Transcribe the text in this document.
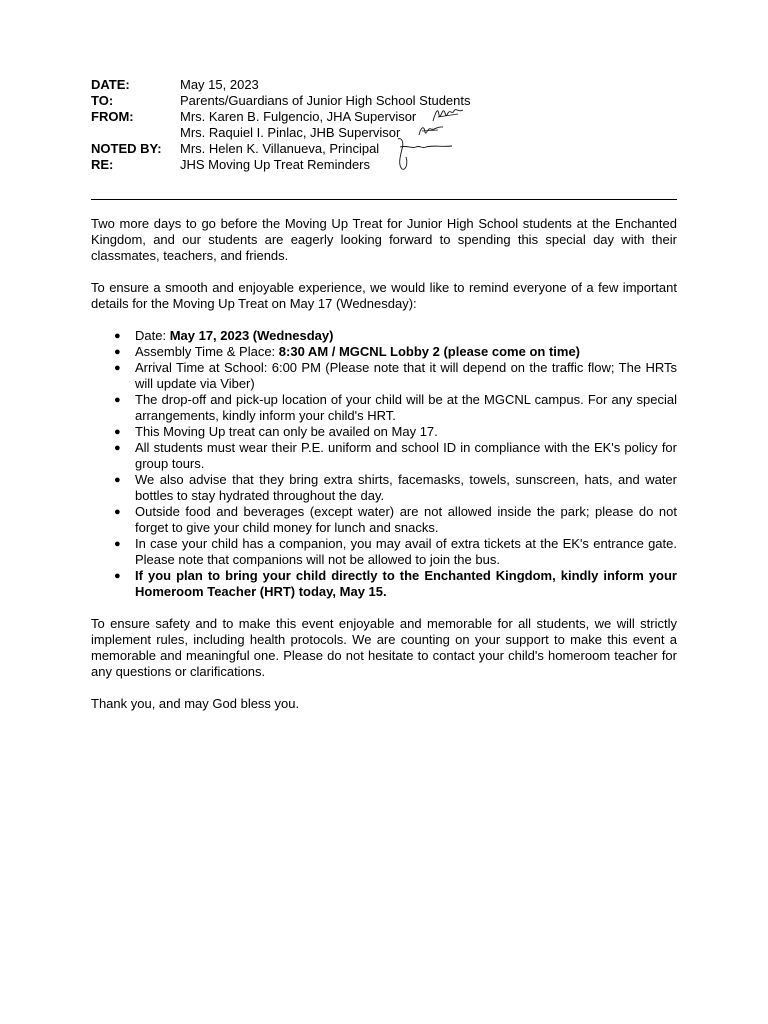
DATE:	May 15, 2023
TO:	Parents/Guardians of Junior High School Students
FROM:	Mrs. Karen B. Fulgencio, JHA Supervisor
Mrs. Raquiel I. Pinlac, JHB Supervisor
NOTED BY:	Mrs. Helen K. Villanueva, Principal
RE:	JHS Moving Up Treat Reminders

Two more days to go before the Moving Up Treat for Junior High School students at the Enchanted Kingdom, and our students are eagerly looking forward to spending this special day with their classmates, teachers, and friends.

To ensure a smooth and enjoyable experience, we would like to remind everyone of a few important details for the Moving Up Treat on May 17 (Wednesday):

● Date: May 17, 2023 (Wednesday)
● Assembly Time & Place: 8:30 AM / MGCNL Lobby 2 (please come on time)
● Arrival Time at School: 6:00 PM (Please note that it will depend on the traffic flow; The HRTs will update via Viber)
● The drop-off and pick-up location of your child will be at the MGCNL campus. For any special arrangements, kindly inform your child's HRT.
● This Moving Up treat can only be availed on May 17.
● All students must wear their P.E. uniform and school ID in compliance with the EK's policy for group tours.
● We also advise that they bring extra shirts, facemasks, towels, sunscreen, hats, and water bottles to stay hydrated throughout the day.
● Outside food and beverages (except water) are not allowed inside the park; please do not forget to give your child money for lunch and snacks.
● In case your child has a companion, you may avail of extra tickets at the EK's entrance gate. Please note that companions will not be allowed to join the bus.
● If you plan to bring your child directly to the Enchanted Kingdom, kindly inform your Homeroom Teacher (HRT) today, May 15.

To ensure safety and to make this event enjoyable and memorable for all students, we will strictly implement rules, including health protocols. We are counting on your support to make this event a memorable and meaningful one. Please do not hesitate to contact your child's homeroom teacher for any questions or clarifications.

Thank you, and may God bless you.
